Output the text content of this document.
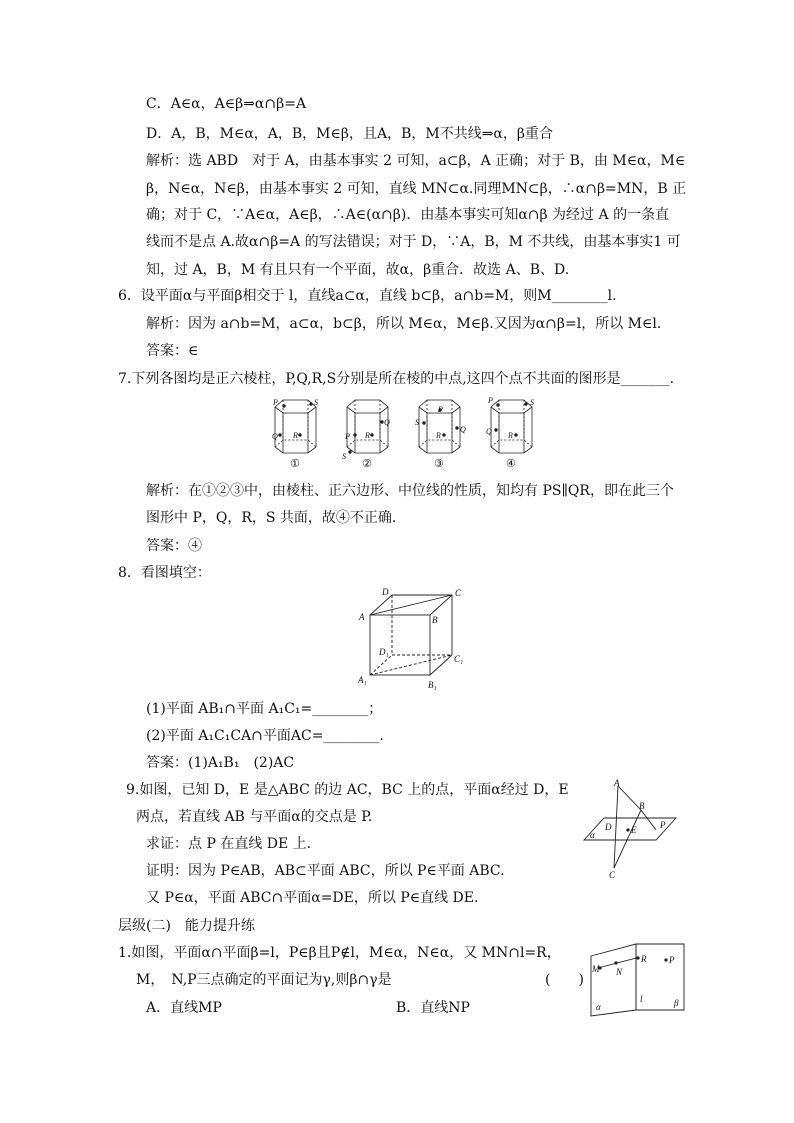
C．A∈α，A∈β⇒α∩β=A
D．A，B，M∈α，A，B，M∈β，且A，B，M不共线⇒α，β重合
解析：选 ABD　对于 A，由基本事实 2 可知，a⊂β，A 正确；对于 B，由 M∈α，M∈
β，N∈α，N∈β，由基本事实 2 可知，直线 MN⊂α.同理MN⊂β，∴α∩β=MN，B 正
确；对于 C，∵A∈α，A∈β，∴A∈(α∩β)．由基本事实可知α∩β 为经过 A 的一条直
线而不是点 A.故α∩β=A 的写法错误；对于 D，∵A，B，M 不共线，由基本事实1 可
知，过 A，B，M 有且只有一个平面，故α，β重合．故选 A、B、D.
6．设平面α与平面β相交于 l，直线a⊂α，直线 b⊂β，a∩b=M，则M________l.
解析：因为 a∩b=M，a⊂α，b⊂β，所以 M∈α，M∈β.又因为α∩β=l，所以 M∈l.
答案：∈
7.下列各图均是正六棱柱，P,Q,R,S分别是所在棱的中点,这四个点不共面的图形是_______.
解析：在①②③中，由棱柱、正六边形、中位线的性质，知均有 PS∥QR，即在此三个
图形中 P，Q，R，S 共面，故④不正确．
答案：④
8．看图填空：
(1)平面 AB₁∩平面 A₁C₁=________；
(2)平面 A₁C₁CA∩平面AC=________.
答案：(1)A₁B₁　(2)AC
9.如图，已知 D，E 是△ABC 的边 AC，BC 上的点，平面α经过 D，E
两点，若直线 AB 与平面α的交点是 P.
求证：点 P 在直线 DE 上.
证明：因为 P∈AB，AB⊂平面 ABC，所以 P∈平面 ABC.
又 P∈α，平面 ABC∩平面α=DE，所以 P∈直线 DE.
层级(二)　能力提升练
1.如图，平面α∩平面β=l，P∈β且P∉l，M∈α，N∈α，又 MN∩l=R，
M，　N,P三点确定的平面记为γ,则β∩γ是	(　　)
A．直线MP	B．直线NP
P	S
Q R
①
P
Q
R
S
②
P
S
R
Q
③
P	S
Q R
④
D	C
A	B
D₁
C₁
A₁	B₁
A
B
D E	P
α
C
M N
R	P
α
l	β
